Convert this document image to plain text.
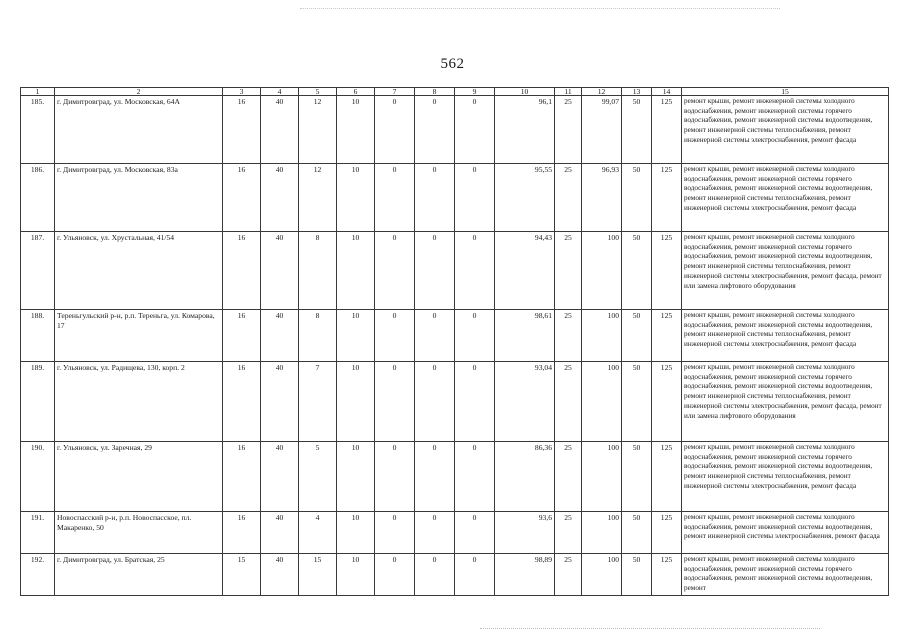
562
1	2	3	4	5	6	7	8	9	10	11	12	13	14	15
185.	г. Димитровград, ул. Московская, 64А	16	40	12	10	0	0	0	96,1	25	99,07	50	125	ремонт крыши, ремонт инженерной системы холодного водоснабжения, ремонт инженерной системы горячего водоснабжения, ремонт инженерной системы водоотведения, ремонт инженерной системы теплоснабжения, ремонт инженерной системы электроснабжения, ремонт фасада
186.	г. Димитровград, ул. Московская, 83а	16	40	12	10	0	0	0	95,55	25	96,93	50	125	ремонт крыши, ремонт инженерной системы холодного водоснабжения, ремонт инженерной системы горячего водоснабжения, ремонт инженерной системы водоотведения, ремонт инженерной системы теплоснабжения, ремонт инженерной системы электроснабжения, ремонт фасада
187.	г. Ульяновск, ул. Хрустальная, 41/54	16	40	8	10	0	0	0	94,43	25	100	50	125	ремонт крыши, ремонт инженерной системы холодного водоснабжения, ремонт инженерной системы горячего водоснабжения, ремонт инженерной системы водоотведения, ремонт инженерной системы теплоснабжения, ремонт инженерной системы электроснабжения, ремонт фасада, ремонт или замена лифтового оборудования
188.	Тереньгульский р-н, р.п. Тереньга, ул. Комарова, 17	16	40	8	10	0	0	0	98,61	25	100	50	125	ремонт крыши, ремонт инженерной системы холодного водоснабжения, ремонт инженерной системы водоотведения, ремонт инженерной системы теплоснабжения, ремонт инженерной системы электроснабжения, ремонт фасада
189.	г. Ульяновск, ул. Радищева, 130, корп. 2	16	40	7	10	0	0	0	93,04	25	100	50	125	ремонт крыши, ремонт инженерной системы холодного водоснабжения, ремонт инженерной системы горячего водоснабжения, ремонт инженерной системы водоотведения, ремонт инженерной системы теплоснабжения, ремонт инженерной системы электроснабжения, ремонт фасада, ремонт или замена лифтового оборудования
190.	г. Ульяновск, ул. Заречная, 29	16	40	5	10	0	0	0	86,36	25	100	50	125	ремонт крыши, ремонт инженерной системы холодного водоснабжения, ремонт инженерной системы горячего водоснабжения, ремонт инженерной системы водоотведения, ремонт инженерной системы теплоснабжения, ремонт инженерной системы электроснабжения, ремонт фасада
191.	Новоспасский р-н, р.п. Новоспасское, пл. Макаренко, 50	16	40	4	10	0	0	0	93,6	25	100	50	125	ремонт крыши, ремонт инженерной системы холодного водоснабжения, ремонт инженерной системы водоотведения, ремонт инженерной системы электроснабжения, ремонт фасада
192.	г. Димитровград, ул. Братская, 25	15	40	15	10	0	0	0	98,89	25	100	50	125	ремонт крыши, ремонт инженерной системы холодного водоснабжения, ремонт инженерной системы горячего водоснабжения, ремонт инженерной системы водоотведения, ремонт
